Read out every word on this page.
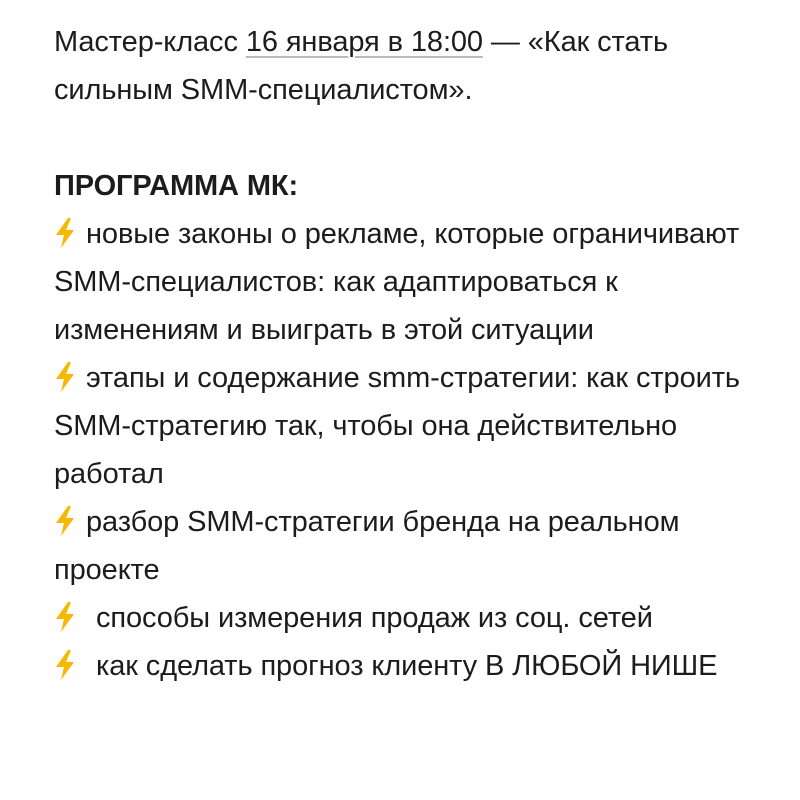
Мастер-класс 16 января в 18:00 — «Как стать сильным SMM-специалистом».

ПРОГРАММА МК:

новые законы о рекламе, которые ограничивают SMM-специалистов: как адаптироваться к изменениям и выиграть в этой ситуации

этапы и содержание smm-стратегии: как строить SMM-стратегию так, чтобы она действительно работал

разбор SMM-стратегии бренда на реальном проекте

способы измерения продаж из соц. сетей

как сделать прогноз клиенту В ЛЮБОЙ НИШЕ
